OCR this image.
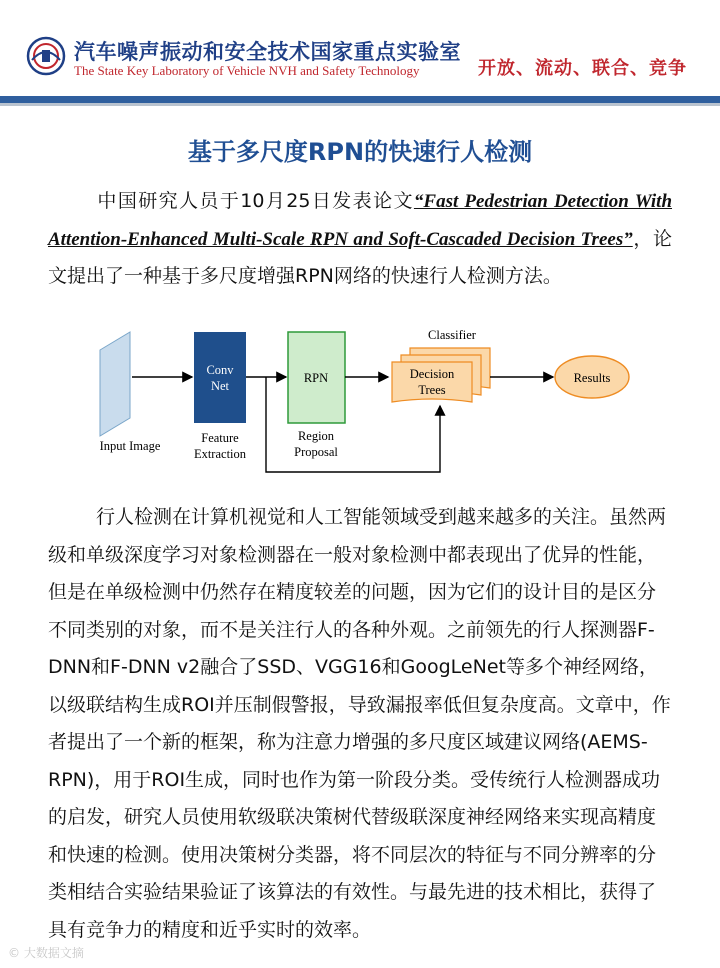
汽车噪声振动和安全技术国家重点实验室
The State Key Laboratory of Vehicle NVH and Safety Technology	开放、流动、联合、竞争
基于多尺度RPN的快速行人检测
中国研究人员于10月25日发表论文“Fast Pedestrian Detection With Attention-Enhanced Multi-Scale RPN and Soft-Cascaded Decision Trees”，论文提出了一种基于多尺度增强RPN网络的快速行人检测方法。
Input Image
Conv
Net
Feature
Extraction
RPN
Region
Proposal
Classifier
Decision
Trees
Results
行人检测在计算机视觉和人工智能领域受到越来越多的关注。虽然两级和单级深度学习对象检测器在一般对象检测中都表现出了优异的性能，但是在单级检测中仍然存在精度较差的问题，因为它们的设计目的是区分不同类别的对象，而不是关注行人的各种外观。之前领先的行人探测器F-DNN和F-DNN v2融合了SSD、VGG16和GoogLeNet等多个神经网络，以级联结构生成ROI并压制假警报，导致漏报率低但复杂度高。文章中，作者提出了一个新的框架，称为注意力增强的多尺度区域建议网络(AEMS-RPN)，用于ROI生成，同时也作为第一阶段分类。受传统行人检测器成功的启发，研究人员使用软级联决策树代替级联深度神经网络来实现高精度和快速的检测。使用决策树分类器，将不同层次的特征与不同分辨率的分类相结合实验结果验证了该算法的有效性。与最先进的技术相比，获得了具有竞争力的精度和近乎实时的效率。
© 大数据文摘
